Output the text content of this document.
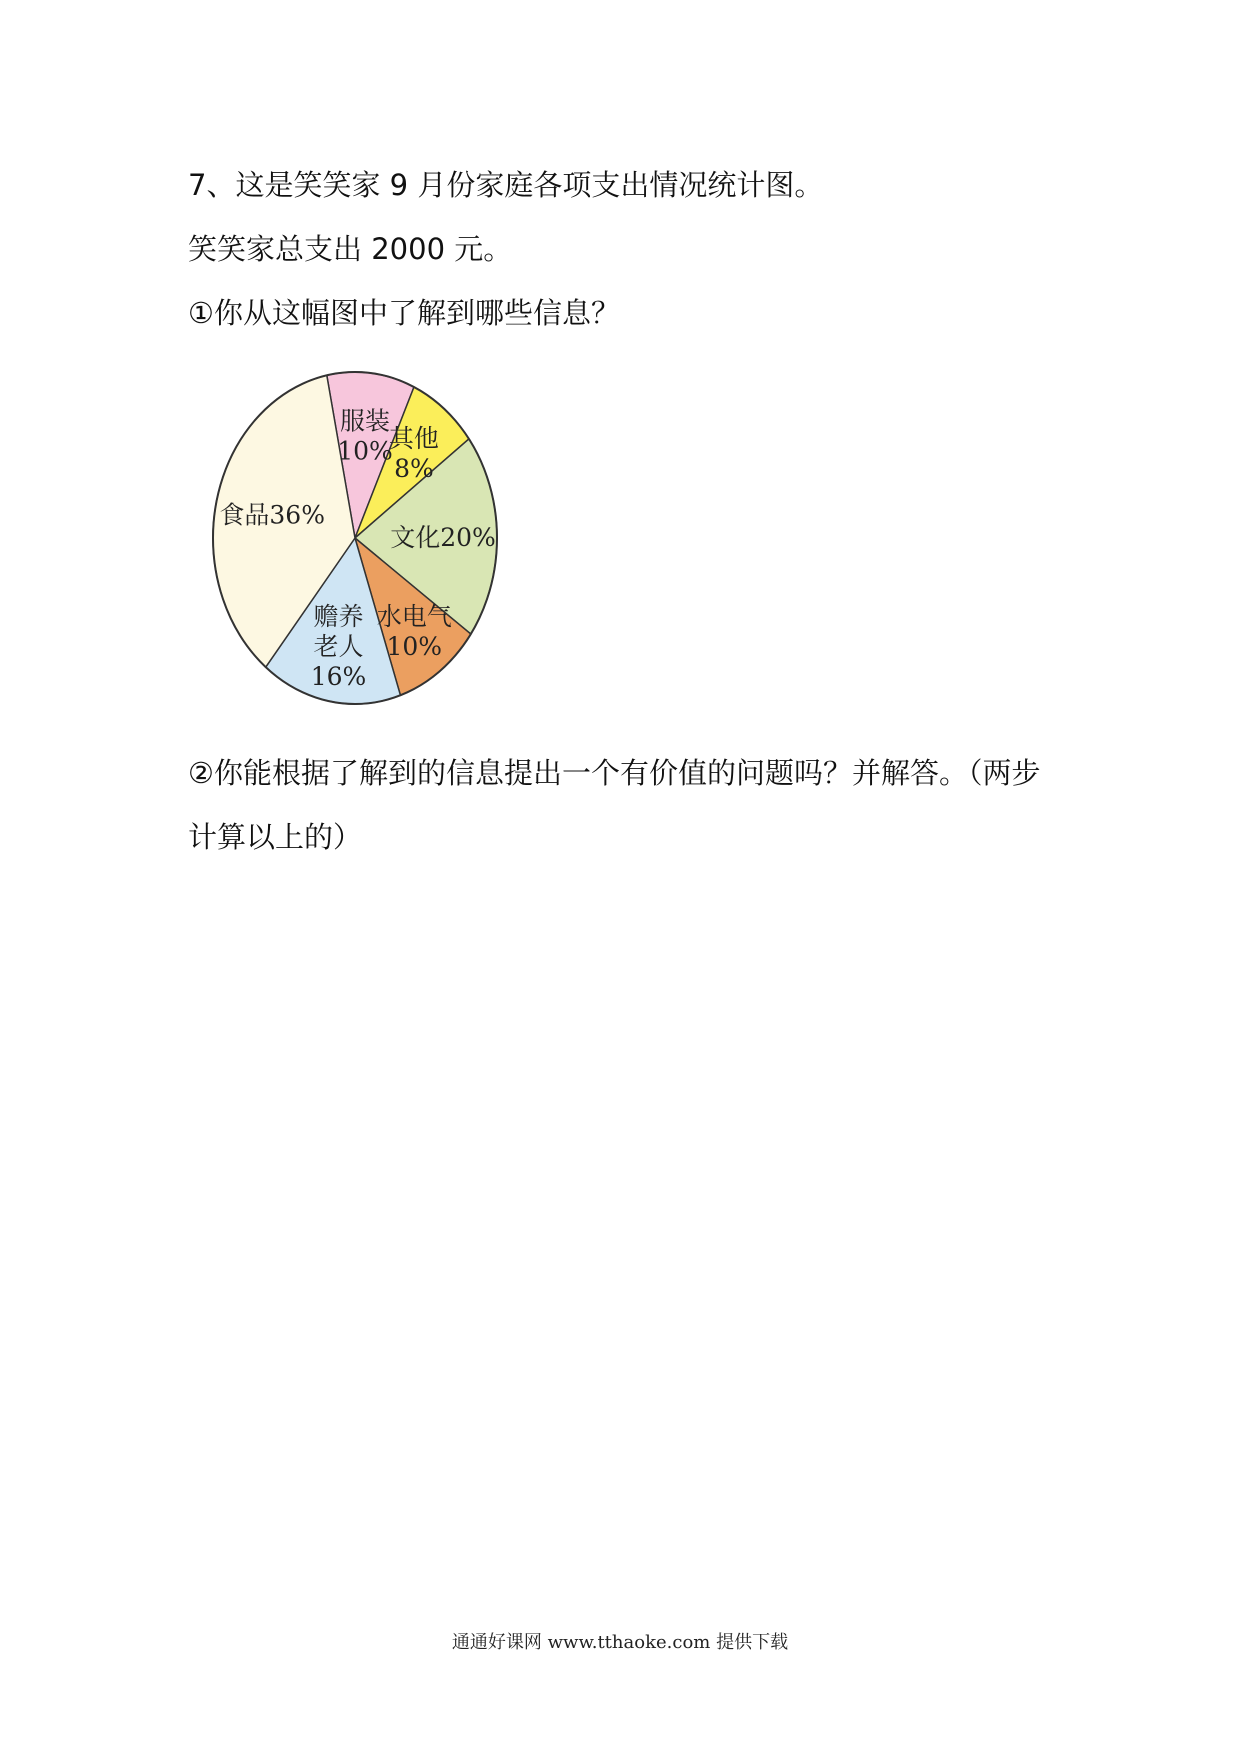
7、这是笑笑家 9 月份家庭各项支出情况统计图。
笑笑家总支出 2000 元。
①你从这幅图中了解到哪些信息？
服装
10%
其他
8%
文化20%
水电气
10%
赡养
老人
16%
食品36%
②你能根据了解到的信息提出一个有价值的问题吗？并解答。（两步
计算以上的）
通通好课网 www.tthaoke.com 提供下载
